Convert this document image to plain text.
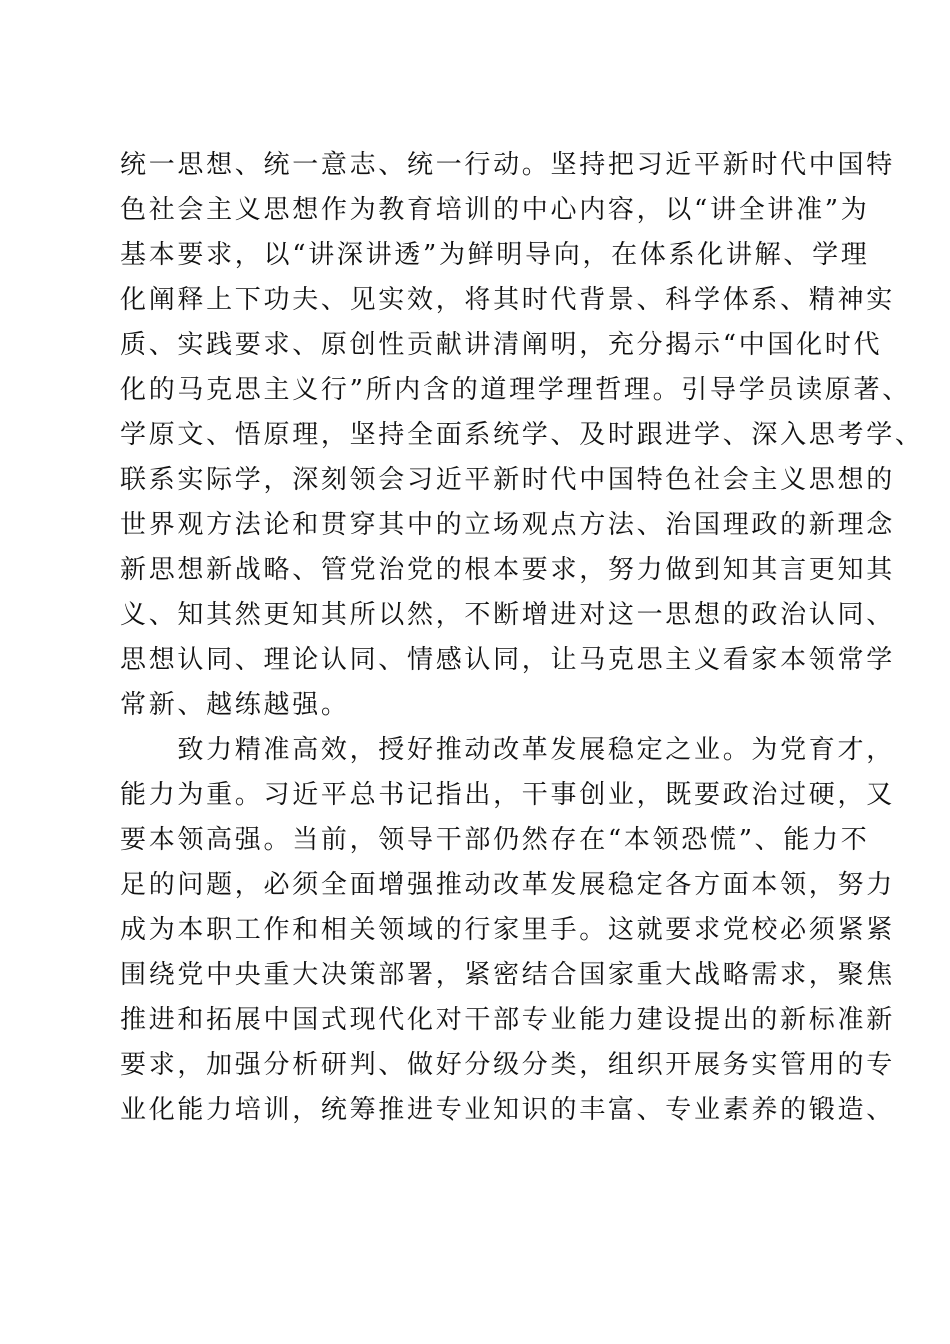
统一思想、统一意志、统一行动。坚持把习近平新时代中国特
色社会主义思想作为教育培训的中心内容，以“讲全讲准”为
基本要求，以“讲深讲透”为鲜明导向，在体系化讲解、学理
化阐释上下功夫、见实效，将其时代背景、科学体系、精神实
质、实践要求、原创性贡献讲清阐明，充分揭示“中国化时代
化的马克思主义行”所内含的道理学理哲理。引导学员读原著、
学原文、悟原理，坚持全面系统学、及时跟进学、深入思考学、
联系实际学，深刻领会习近平新时代中国特色社会主义思想的
世界观方法论和贯穿其中的立场观点方法、治国理政的新理念
新思想新战略、管党治党的根本要求，努力做到知其言更知其
义、知其然更知其所以然，不断增进对这一思想的政治认同、
思想认同、理论认同、情感认同，让马克思主义看家本领常学
常新、越练越强。
　　致力精准高效，授好推动改革发展稳定之业。为党育才，
能力为重。习近平总书记指出，干事创业，既要政治过硬，又
要本领高强。当前，领导干部仍然存在“本领恐慌”、能力不
足的问题，必须全面增强推动改革发展稳定各方面本领，努力
成为本职工作和相关领域的行家里手。这就要求党校必须紧紧
围绕党中央重大决策部署，紧密结合国家重大战略需求，聚焦
推进和拓展中国式现代化对干部专业能力建设提出的新标准新
要求，加强分析研判、做好分级分类，组织开展务实管用的专
业化能力培训，统筹推进专业知识的丰富、专业素养的锻造、
